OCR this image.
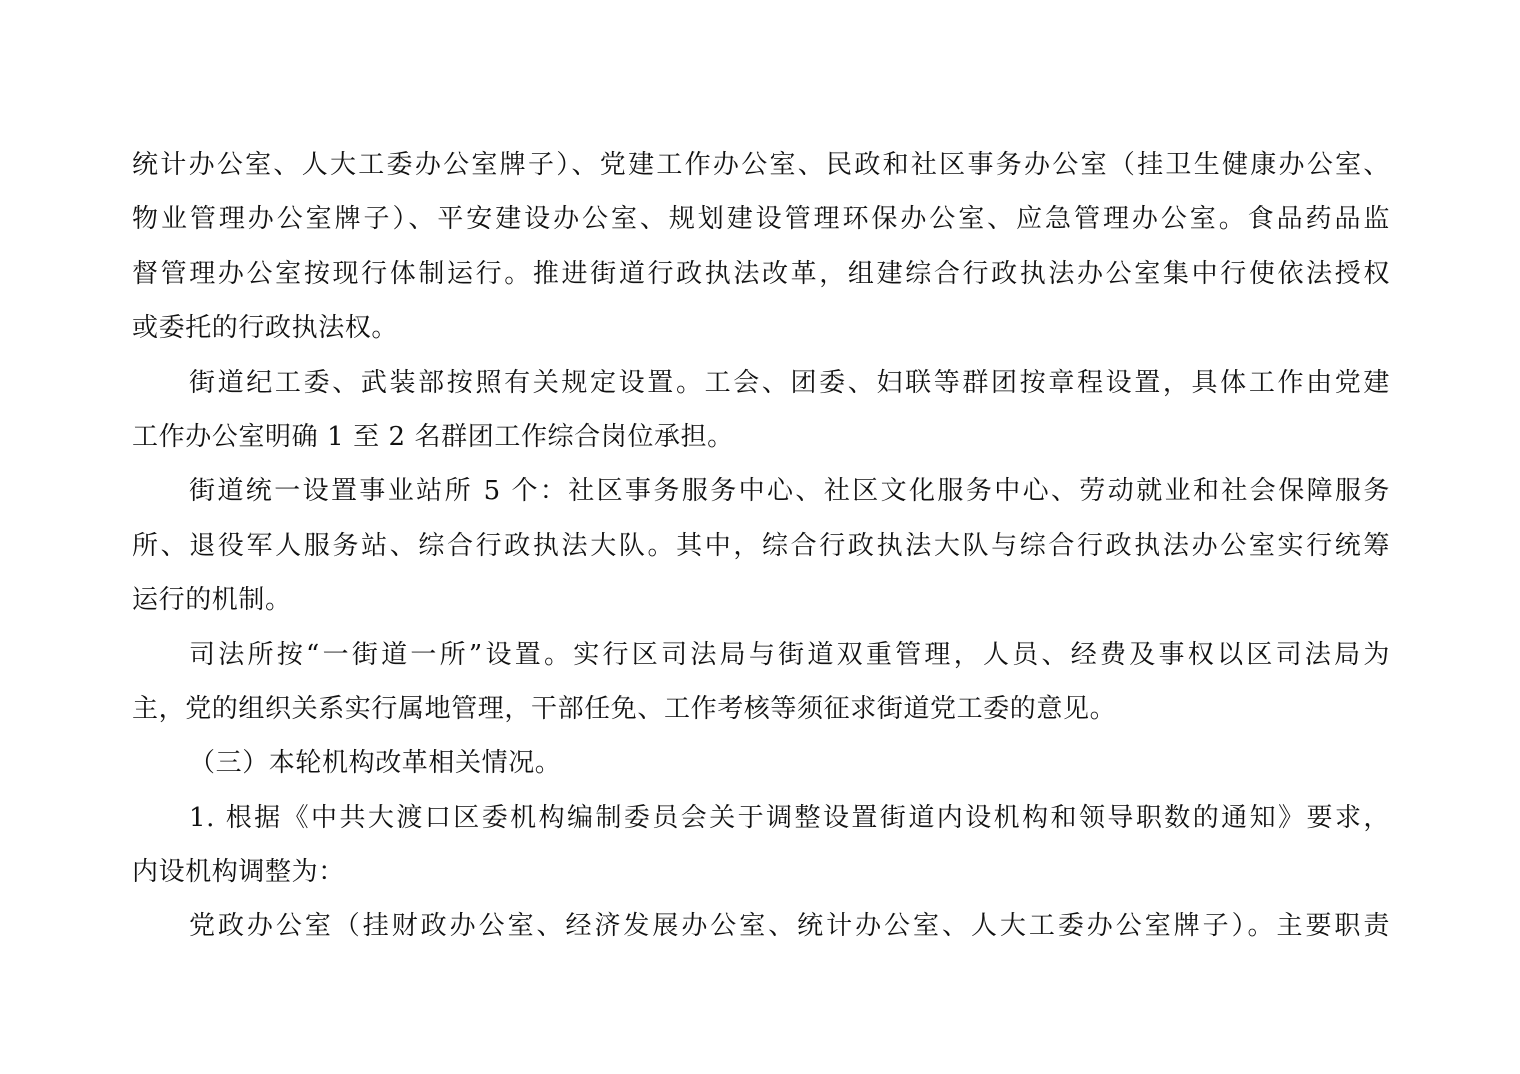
统计办公室、人大工委办公室牌子）、党建工作办公室、民政和社区事务办公室（挂卫生健康办公室、
物业管理办公室牌子）、平安建设办公室、规划建设管理环保办公室、应急管理办公室。食品药品监
督管理办公室按现行体制运行。推进街道行政执法改革，组建综合行政执法办公室集中行使依法授权
或委托的行政执法权。
街道纪工委、武装部按照有关规定设置。工会、团委、妇联等群团按章程设置，具体工作由党建
工作办公室明确 1 至 2 名群团工作综合岗位承担。
街道统一设置事业站所 5 个：社区事务服务中心、社区文化服务中心、劳动就业和社会保障服务
所、退役军人服务站、综合行政执法大队。其中，综合行政执法大队与综合行政执法办公室实行统筹
运行的机制。
司法所按“一街道一所”设置。实行区司法局与街道双重管理，人员、经费及事权以区司法局为
主，党的组织关系实行属地管理，干部任免、工作考核等须征求街道党工委的意见。
（三）本轮机构改革相关情况。
1. 根据《中共大渡口区委机构编制委员会关于调整设置街道内设机构和领导职数的通知》要求，
内设机构调整为：
党政办公室（挂财政办公室、经济发展办公室、统计办公室、人大工委办公室牌子）。主要职责
